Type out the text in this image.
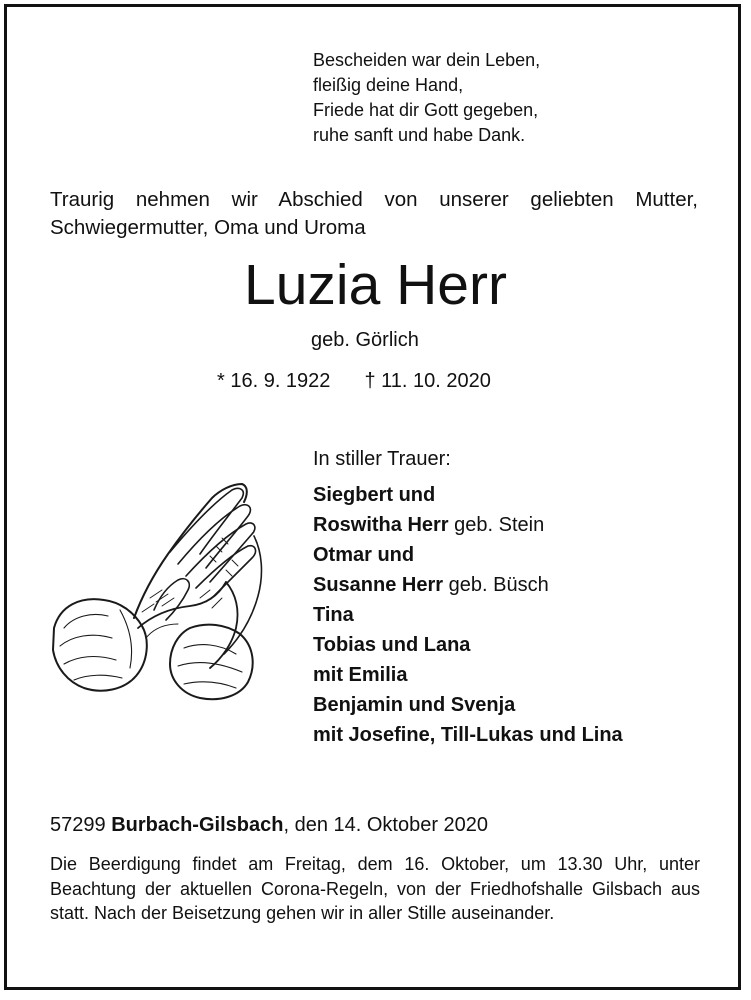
Bescheiden war dein Leben,
fleißig deine Hand,
Friede hat dir Gott gegeben,
ruhe sanft und habe Dank.
Traurig nehmen wir Abschied von unserer geliebten Mutter,
Schwiegermutter, Oma und Uroma
Luzia Herr
geb. Görlich
* 16. 9. 1922 † 11. 10. 2020
In stiller Trauer:
Siegbert und
Roswitha Herr geb. Stein
Otmar und
Susanne Herr geb. Büsch
Tina
Tobias und Lana
mit Emilia
Benjamin und Svenja
mit Josefine, Till-Lukas und Lina
57299 Burbach-Gilsbach, den 14. Oktober 2020
Die Beerdigung findet am Freitag, dem 16. Oktober, um 13.30 Uhr, unter Beachtung der aktuellen Corona-Regeln, von der Friedhofshalle Gilsbach aus statt. Nach der Beisetzung gehen wir in aller Stille auseinander.
